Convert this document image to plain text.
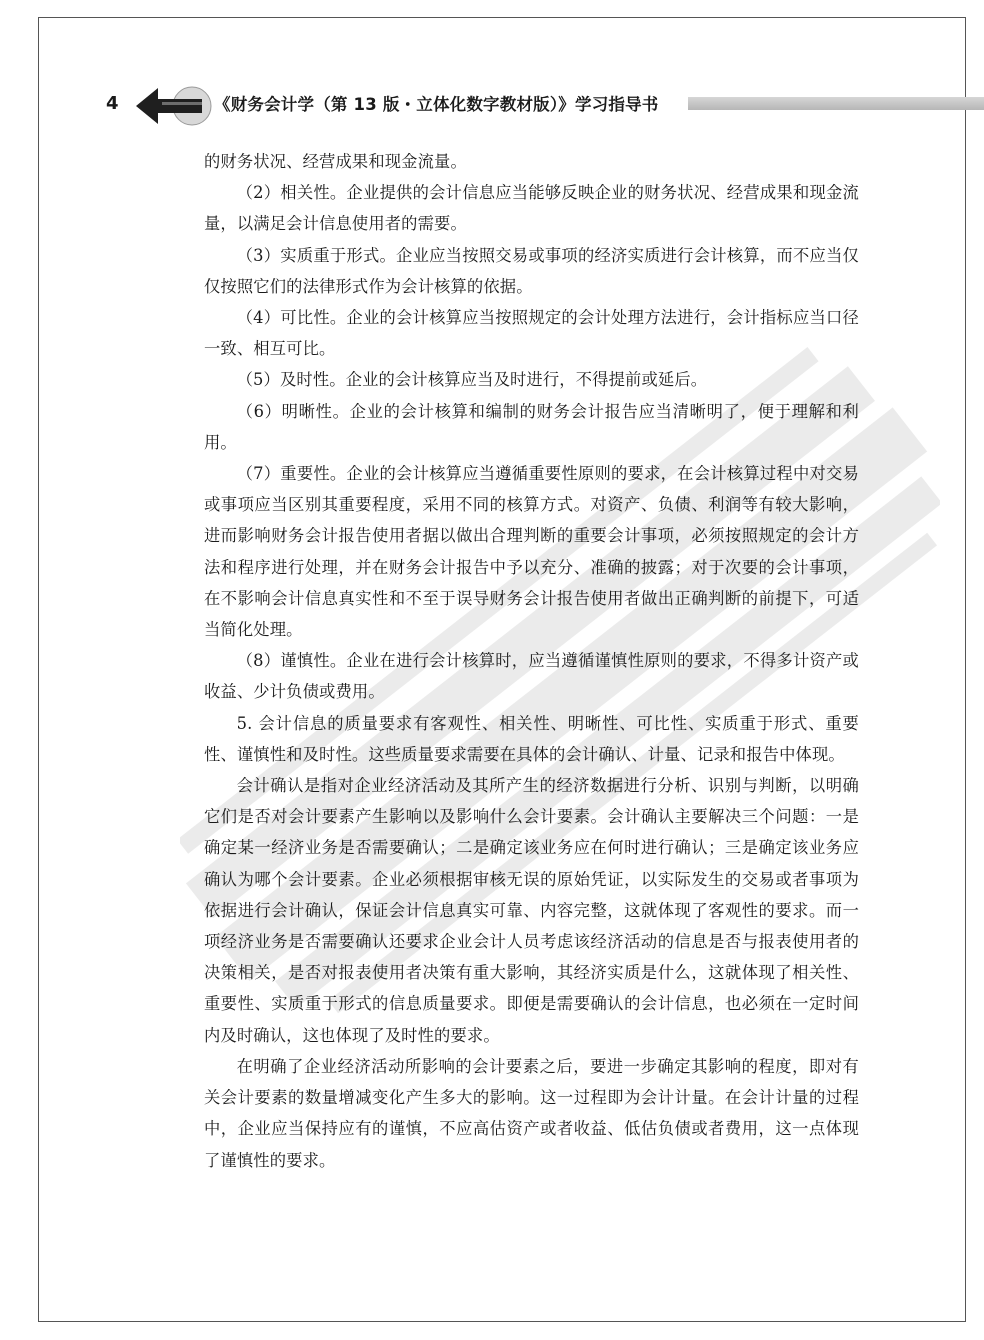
4	《财务会计学（第 13 版・立体化数字教材版）》学习指导书

的财务状况、经营成果和现金流量。

（2）相关性。企业提供的会计信息应当能够反映企业的财务状况、经营成果和现金流量，以满足会计信息使用者的需要。

（3）实质重于形式。企业应当按照交易或事项的经济实质进行会计核算，而不应当仅仅按照它们的法律形式作为会计核算的依据。

（4）可比性。企业的会计核算应当按照规定的会计处理方法进行，会计指标应当口径一致、相互可比。

（5）及时性。企业的会计核算应当及时进行，不得提前或延后。

（6）明晰性。企业的会计核算和编制的财务会计报告应当清晰明了，便于理解和利用。

（7）重要性。企业的会计核算应当遵循重要性原则的要求，在会计核算过程中对交易或事项应当区别其重要程度，采用不同的核算方式。对资产、负债、利润等有较大影响，进而影响财务会计报告使用者据以做出合理判断的重要会计事项，必须按照规定的会计方法和程序进行处理，并在财务会计报告中予以充分、准确的披露；对于次要的会计事项，在不影响会计信息真实性和不至于误导财务会计报告使用者做出正确判断的前提下，可适当简化处理。

（8）谨慎性。企业在进行会计核算时，应当遵循谨慎性原则的要求，不得多计资产或收益、少计负债或费用。

5. 会计信息的质量要求有客观性、相关性、明晰性、可比性、实质重于形式、重要性、谨慎性和及时性。这些质量要求需要在具体的会计确认、计量、记录和报告中体现。

会计确认是指对企业经济活动及其所产生的经济数据进行分析、识别与判断，以明确它们是否对会计要素产生影响以及影响什么会计要素。会计确认主要解决三个问题：一是确定某一经济业务是否需要确认；二是确定该业务应在何时进行确认；三是确定该业务应确认为哪个会计要素。企业必须根据审核无误的原始凭证，以实际发生的交易或者事项为依据进行会计确认，保证会计信息真实可靠、内容完整，这就体现了客观性的要求。而一项经济业务是否需要确认还要求企业会计人员考虑该经济活动的信息是否与报表使用者的决策相关，是否对报表使用者决策有重大影响，其经济实质是什么，这就体现了相关性、重要性、实质重于形式的信息质量要求。即便是需要确认的会计信息，也必须在一定时间内及时确认，这也体现了及时性的要求。

在明确了企业经济活动所影响的会计要素之后，要进一步确定其影响的程度，即对有关会计要素的数量增减变化产生多大的影响。这一过程即为会计计量。在会计计量的过程中，企业应当保持应有的谨慎，不应高估资产或者收益、低估负债或者费用，这一点体现了谨慎性的要求。
